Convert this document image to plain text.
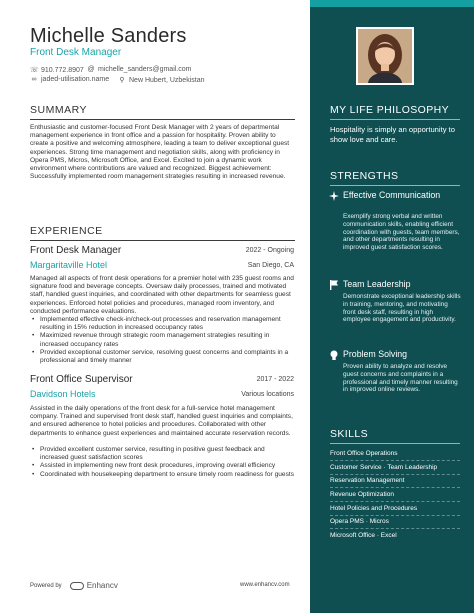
Michelle Sanders
Front Desk Manager
☏ 910.772.8907 @ michelle_sanders@gmail.com
∞ jaded-utilisation.name ⚲ New Hubert, Uzbekistan
SUMMARY
Enthusiastic and customer-focused Front Desk Manager with 2 years of departmental management experience in front office and a passion for hospitality. Proven ability to create a positive and welcoming atmosphere, leading a team to deliver exceptional guest experiences. Strong time management and negotiation skills, along with proficiency in Opera PMS, Micros, Microsoft Office, and Excel. Excited to join a dynamic work environment where contributions are valued and recognized. Biggest achievement: Successfully implemented room management strategies resulting in increased revenue.
EXPERIENCE
Front Desk Manager	2022 - Ongoing
Margaritaville Hotel	San Diego, CA
Managed all aspects of front desk operations for a premier hotel with 235 guest rooms and signature food and beverage concepts. Oversaw daily processes, trained and motivated staff, handled guest inquiries, and coordinated with other departments for seamless guest experiences. Enforced hotel policies and procedures, managed room inventory, and conducted performance evaluations.
• Implemented effective check-in/check-out processes and reservation management resulting in 15% reduction in increased occupancy rates
• Maximized revenue through strategic room management strategies resulting in increased occupancy rates
• Provided exceptional customer service, resolving guest concerns and complaints in a professional and timely manner
Front Office Supervisor	2017 - 2022
Davidson Hotels	Various locations
Assisted in the daily operations of the front desk for a full-service hotel management company. Trained and supervised front desk staff, handled guest inquiries and complaints, and ensured adherence to hotel policies and procedures. Collaborated with other departments to enhance guest experiences and maintained accurate reservation records.
• Provided excellent customer service, resulting in positive guest feedback and increased guest satisfaction scores
• Assisted in implementing new front desk procedures, improving overall efficiency
• Coordinated with housekeeping department to ensure timely room readiness for guests
Powered by	Enhancv	www.enhancv.com
MY LIFE PHILOSOPHY
Hospitality is simply an opportunity to show love and care.
STRENGTHS
Effective Communication
Exemplify strong verbal and written communication skills, enabling efficient coordination with guests, team members, and other departments resulting in improved guest satisfaction scores.
Team Leadership
Demonstrate exceptional leadership skills in training, mentoring, and motivating front desk staff, resulting in high employee engagement and productivity.
Problem Solving
Proven ability to analyze and resolve guest concerns and complaints in a professional and timely manner resulting in improved online reviews.
SKILLS
Front Office Operations
Customer Service · Team Leadership
Reservation Management
Revenue Optimization
Hotel Policies and Procedures
Opera PMS · Micros
Microsoft Office · Excel
